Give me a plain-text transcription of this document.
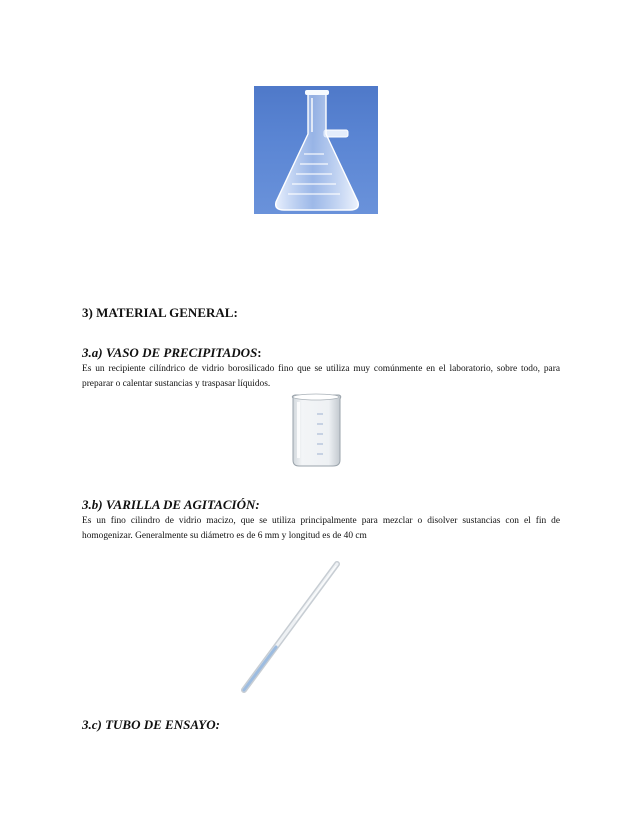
3) MATERIAL GENERAL:
3.a) VASO DE PRECIPITADOS:

Es un recipiente cilíndrico de vidrio borosilicado fino que se utiliza muy comúnmente en el laboratorio, sobre todo, para preparar o calentar sustancias y traspasar líquidos.

3.b) VARILLA DE AGITACIÓN:

Es un fino cilindro de vidrio macizo, que se utiliza principalmente para mezclar o disolver sustancias con el fin de homogenizar. Generalmente su diámetro es de 6 mm y longitud es de 40 cm

3.c) TUBO DE ENSAYO:
